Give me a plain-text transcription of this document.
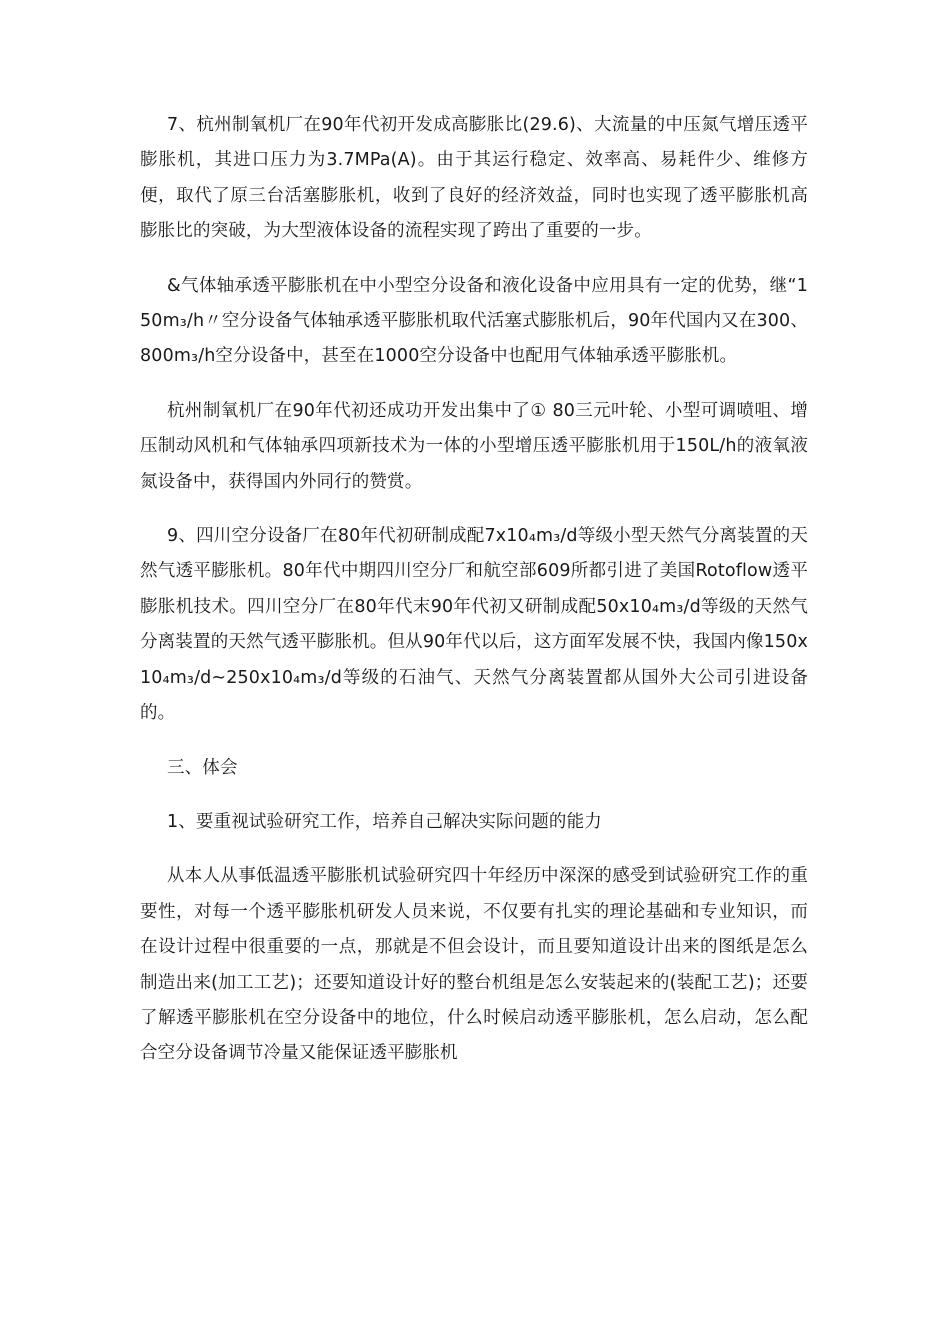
7、杭州制氧机厂在90年代初开发成高膨胀比(29.6)、大流量的中压氮气增压透平膨胀机，其进口压力为3.7MPa(A)。由于其运行稳定、效率高、易耗件少、维修方便，取代了原三台活塞膨胀机，收到了良好的经济效益，同时也实现了透平膨胀机高膨胀比的突破，为大型液体设备的流程实现了跨出了重要的一步。

&气体轴承透平膨胀机在中小型空分设备和液化设备中应用具有一定的优势，继“150m₃/h〃空分设备气体轴承透平膨胀机取代活塞式膨胀机后，90年代国内又在300、800m₃/h空分设备中，甚至在1000空分设备中也配用气体轴承透平膨胀机。

杭州制氧机厂在90年代初还成功开发出集中了① 80三元叶轮、小型可调喷咀、增压制动风机和气体轴承四项新技术为一体的小型增压透平膨胀机用于150L/h的液氧液氮设备中，获得国内外同行的赞赏。

9、四川空分设备厂在80年代初研制成配7x10₄m₃/d等级小型天然气分离装置的天然气透平膨胀机。80年代中期四川空分厂和航空部609所都引进了美国Rotoflow透平膨胀机技术。四川空分厂在80年代末90年代初又研制成配50x10₄m₃/d等级的天然气分离装置的天然气透平膨胀机。但从90年代以后，这方面军发展不快，我国内像150x10₄m₃/d~250x10₄m₃/d等级的石油气、天然气分离装置都从国外大公司引进设备的。

三、体会

1、要重视试验研究工作，培养自己解决实际问题的能力

从本人从事低温透平膨胀机试验研究四十年经历中深深的感受到试验研究工作的重要性，对每一个透平膨胀机研发人员来说，不仅要有扎实的理论基础和专业知识，而在设计过程中很重要的一点，那就是不但会设计，而且要知道设计出来的图纸是怎么制造出来(加工工艺)；还要知道设计好的整台机组是怎么安装起来的(装配工艺)；还要了解透平膨胀机在空分设备中的地位，什么时候启动透平膨胀机，怎么启动，怎么配合空分设备调节冷量又能保证透平膨胀机
